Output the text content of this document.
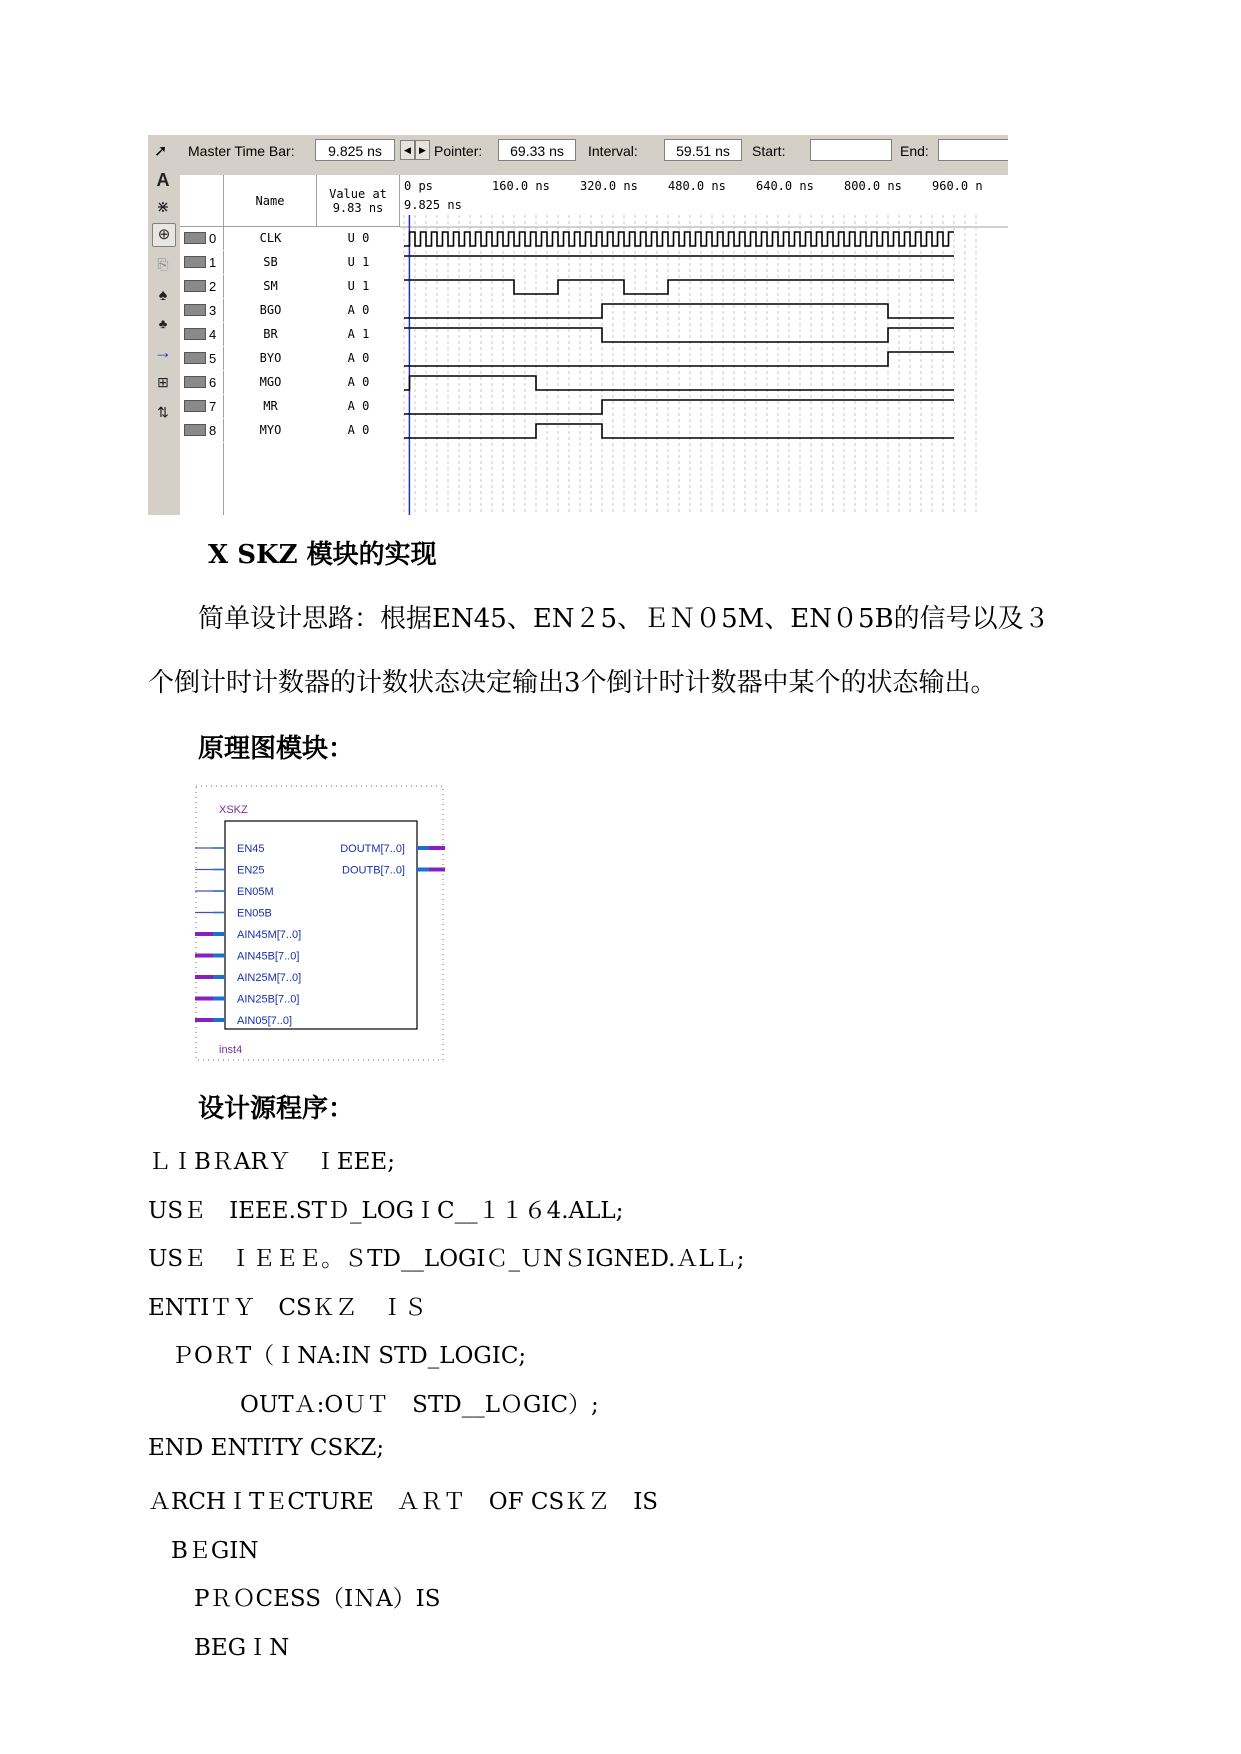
➚ Master Time Bar:	9.825 ns	◀ ▶ Pointer:	69.33 ns	Interval:	59.51 ns	Start:	End:
A
⋇
⊕
⎘
♠
♣
→
⊞
⇅
Name	Value at
9.83 ns
0	CLK	U 0
1	SB	U 1
2	SM	U 1
3	BGO	A 0
4	BR	A 1
5	BYO	A 0
6	MGO	A 0
7	MR	A 0
8	MYO	A 0
0 ps	160.0 ns	320.0 ns	480.0 ns	640.0 ns	800.0 ns	960.0 n
9.825 ns
X SKZ 模块的实现
简单设计思路：根据EN45、EN２5、ＥＮ０5M、EN０5B的信号以及３
个倒计时计数器的计数状态决定输出3个倒计时计数器中某个的状态输出。
原理图模块：
XSKZ
inst4
EN45
EN25
EN05M
EN05B
AIN45M[7..0]
AIN45B[7..0]
AIN25M[7..0]
AIN25B[7..0]
AIN05[7..0]
DOUTM[7..0]
DOUTB[7..0]
设计源程序：
ＬＩBＲARＹ　ＩEEE;
USＥ　IEEE.STＤ_LOGＩC__１１６4.ALL;
USＥ　ＩＥＥＥ。ＳTD__LOGIＣ_ＵNＳIGNED.ＡLＬ;
ENTIＴＹ　CSＫＺ　ＩＳ
　ＰOＲT（ＩNA:IN STD_LOGIC;
　　　　OUTＡ:OＵＴ　STD__LＯGIC）;
END ENTITY CSKZ;
ＡRCHＩTＥCTURE　ＡＲＴ　OF CSＫＺ　IS
　BＥGIN
　　PＲＯCESS（IＮA）IS
　　BEGＩN
